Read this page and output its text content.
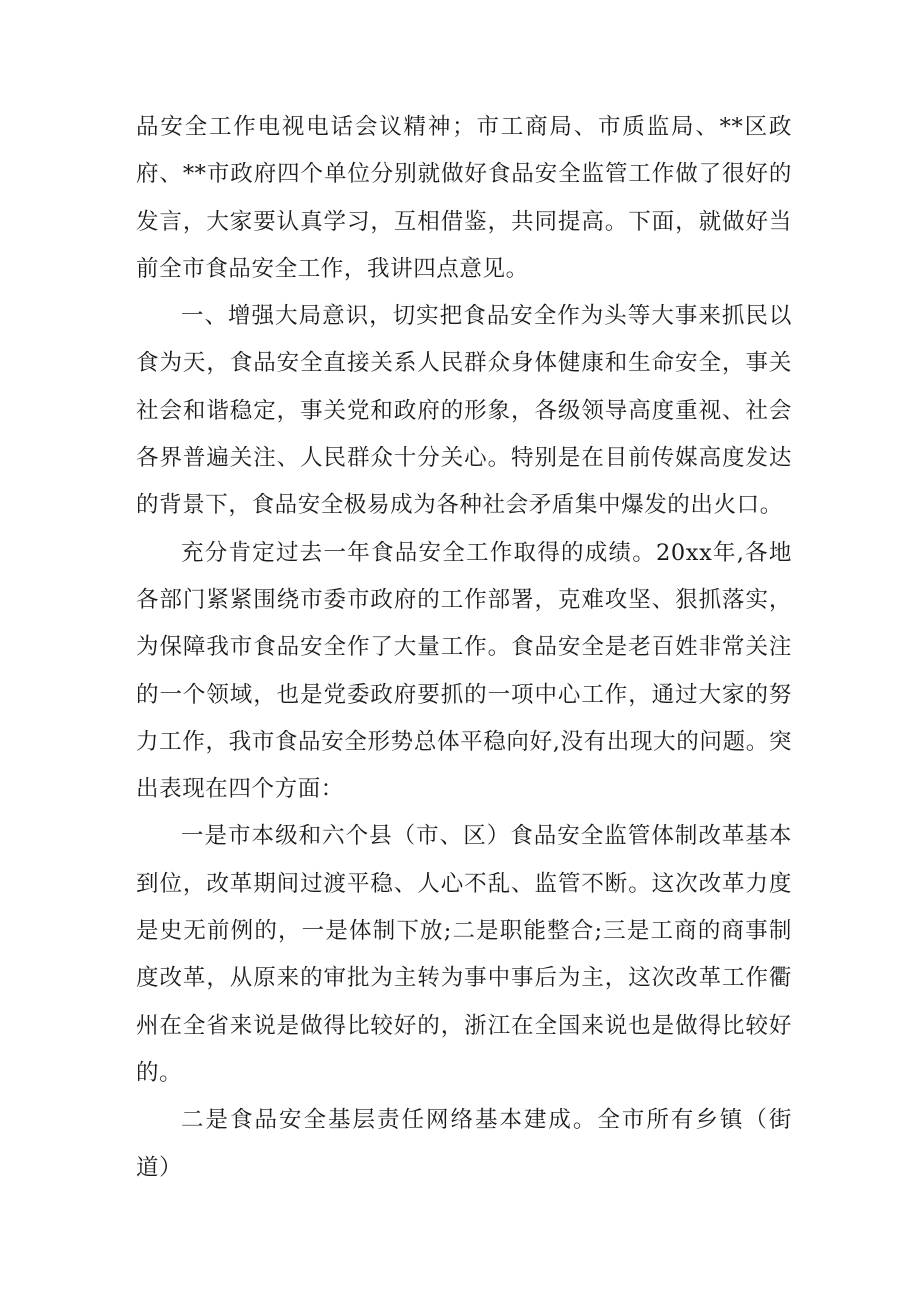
品安全工作电视电话会议精神；市工商局、市质监局、**区政府、**市政府四个单位分别就做好食品安全监管工作做了很好的发言，大家要认真学习，互相借鉴，共同提高。下面，就做好当前全市食品安全工作，我讲四点意见。

一、增强大局意识，切实把食品安全作为头等大事来抓民以食为天，食品安全直接关系人民群众身体健康和生命安全，事关社会和谐稳定，事关党和政府的形象，各级领导高度重视、社会各界普遍关注、人民群众十分关心。特别是在目前传媒高度发达的背景下，食品安全极易成为各种社会矛盾集中爆发的出火口。

充分肯定过去一年食品安全工作取得的成绩。20xx年,各地各部门紧紧围绕市委市政府的工作部署，克难攻坚、狠抓落实，为保障我市食品安全作了大量工作。食品安全是老百姓非常关注的一个领域，也是党委政府要抓的一项中心工作，通过大家的努力工作，我市食品安全形势总体平稳向好,没有出现大的问题。突出表现在四个方面：

一是市本级和六个县（市、区）食品安全监管体制改革基本到位，改革期间过渡平稳、人心不乱、监管不断。这次改革力度是史无前例的，一是体制下放;二是职能整合;三是工商的商事制度改革，从原来的审批为主转为事中事后为主，这次改革工作衢州在全省来说是做得比较好的，浙江在全国来说也是做得比较好的。

二是食品安全基层责任网络基本建成。全市所有乡镇（街道）
